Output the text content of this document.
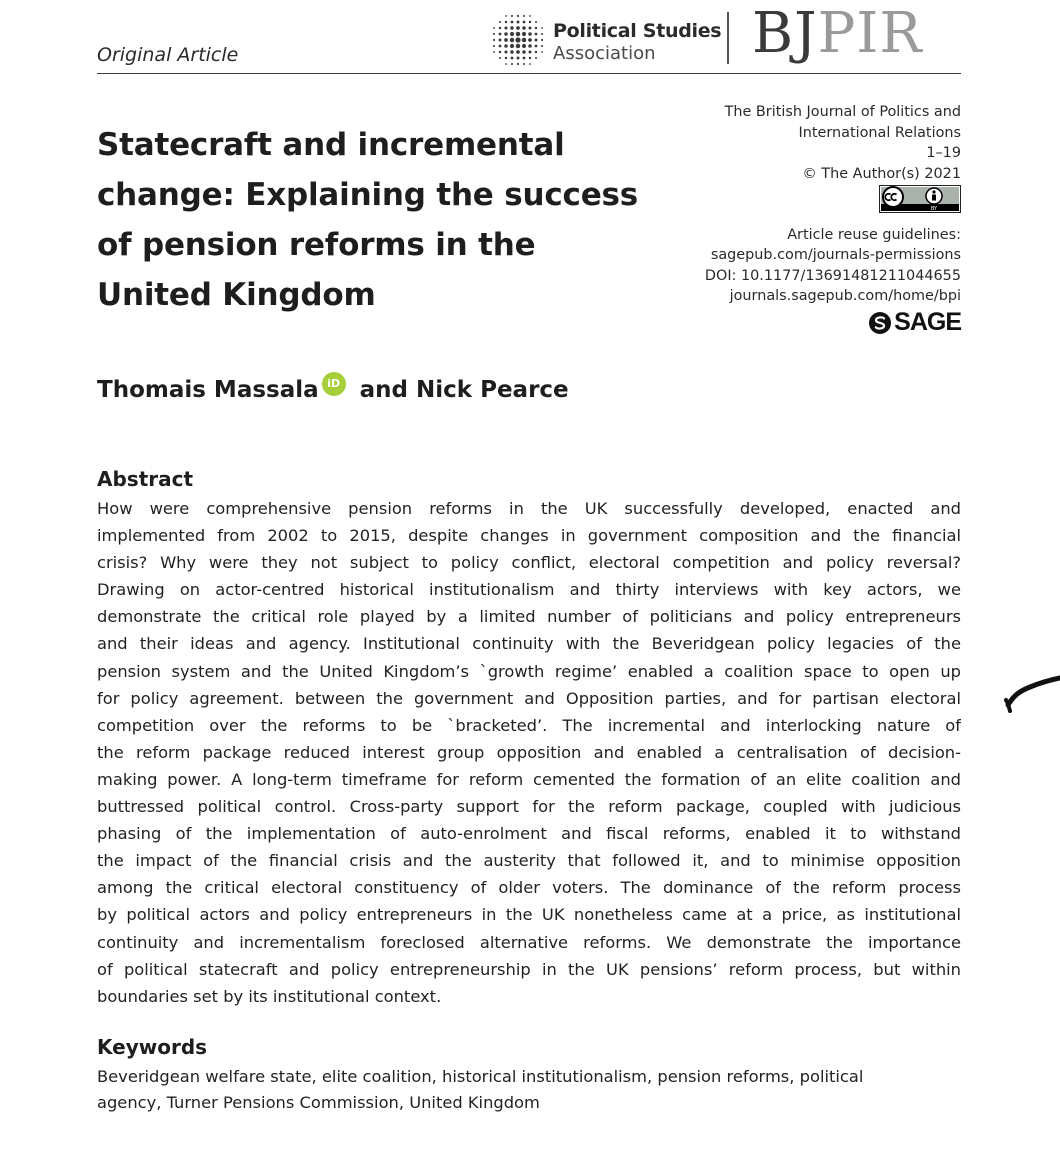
Original Article
Political Studies
Association BJPIR
The British Journal of Politics and
International Relations
1–19
© The Author(s) 2021
BY
Article reuse guidelines:
sagepub.com/journals-permissions
DOI: 10.1177/13691481211044655
journals.sagepub.com/home/bpi
SAGE
Statecraft and incremental
change: Explaining the success
of pension reforms in the
United Kingdom
Thomais Massala iD and Nick Pearce
Abstract
How were comprehensive pension reforms in the UK successfully developed, enacted and
implemented from 2002 to 2015, despite changes in government composition and the financial
crisis? Why were they not subject to policy conflict, electoral competition and policy reversal?
Drawing on actor-centred historical institutionalism and thirty interviews with key actors, we
demonstrate the critical role played by a limited number of politicians and policy entrepreneurs
and their ideas and agency. Institutional continuity with the Beveridgean policy legacies of the
pension system and the United Kingdom’s `growth regime’ enabled a coalition space to open up
for policy agreement. between the government and Opposition parties, and for partisan electoral
competition over the reforms to be `bracketed’. The incremental and interlocking nature of
the reform package reduced interest group opposition and enabled a centralisation of decision-
making power. A long-term timeframe for reform cemented the formation of an elite coalition and
buttressed political control. Cross-party support for the reform package, coupled with judicious
phasing of the implementation of auto-enrolment and fiscal reforms, enabled it to withstand
the impact of the financial crisis and the austerity that followed it, and to minimise opposition
among the critical electoral constituency of older voters. The dominance of the reform process
by political actors and policy entrepreneurs in the UK nonetheless came at a price, as institutional
continuity and incrementalism foreclosed alternative reforms. We demonstrate the importance
of political statecraft and policy entrepreneurship in the UK pensions’ reform process, but within
boundaries set by its institutional context.
Keywords
Beveridgean welfare state, elite coalition, historical institutionalism, pension reforms, political
agency, Turner Pensions Commission, United Kingdom
